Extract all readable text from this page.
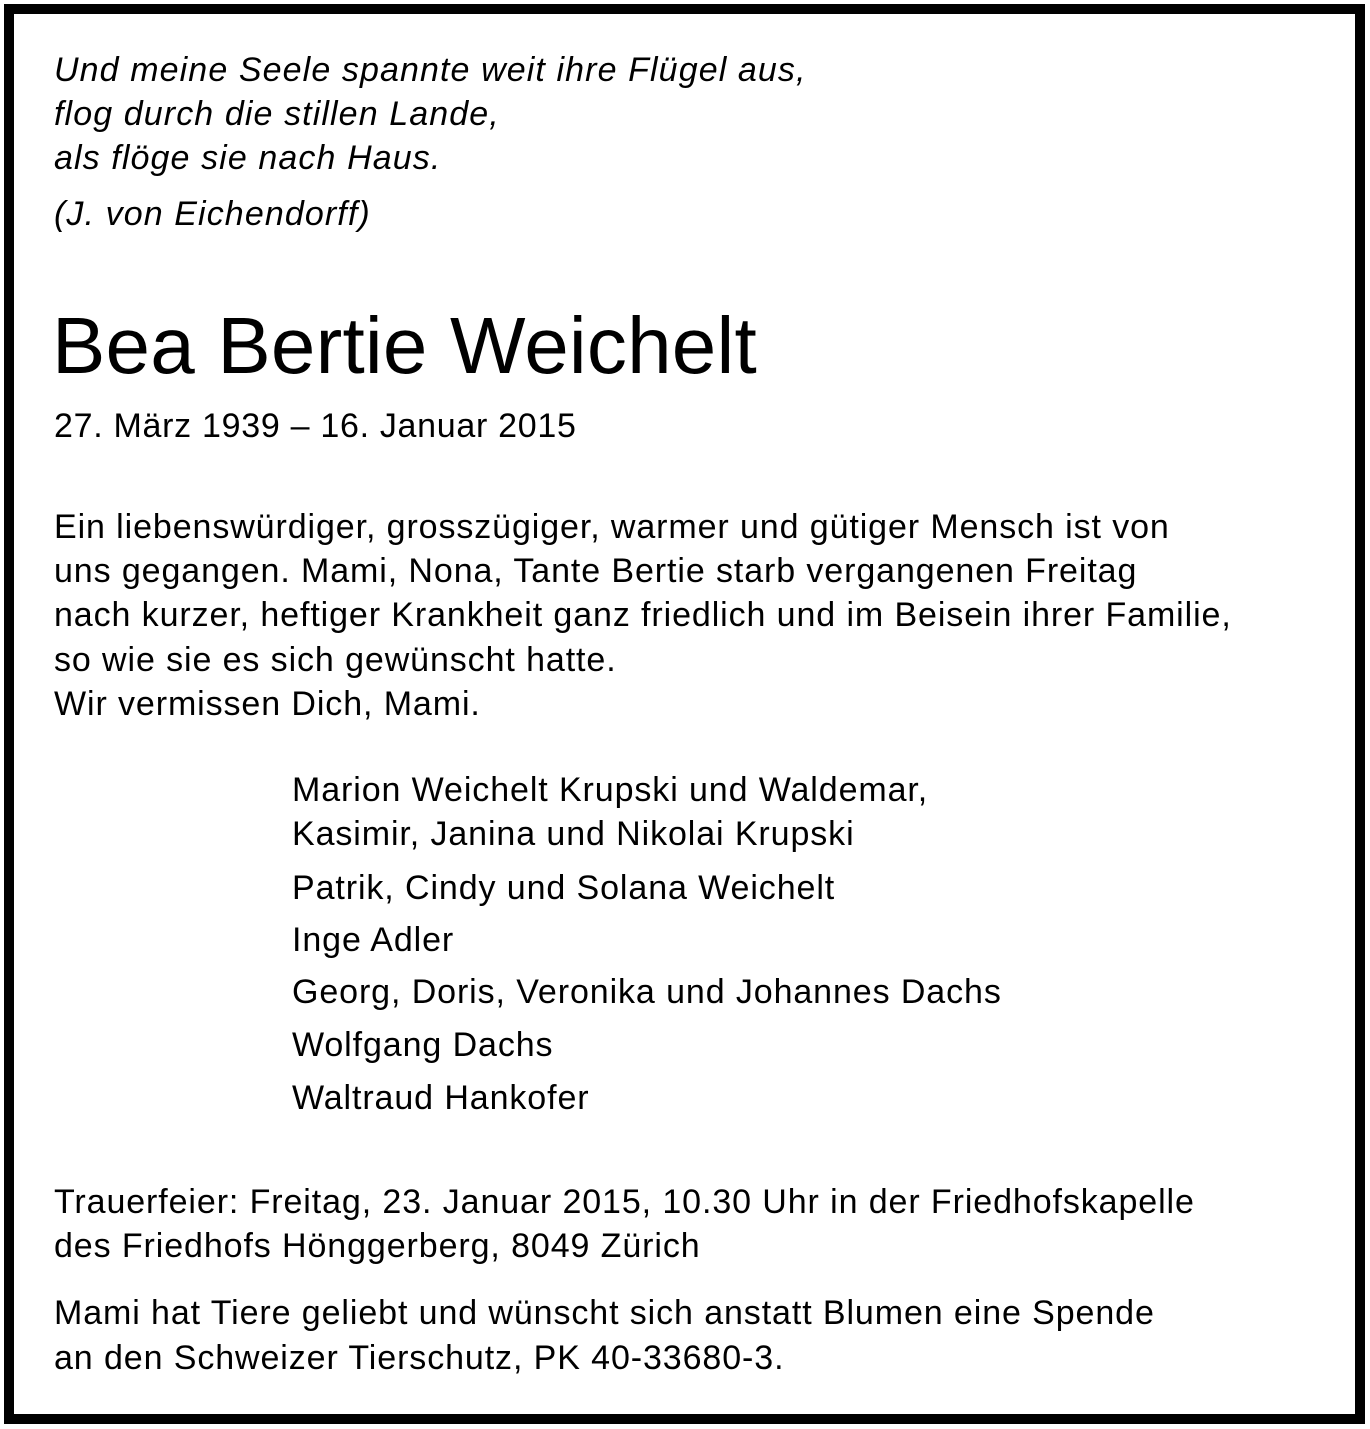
Und meine Seele spannte weit ihre Flügel aus,

flog durch die stillen Lande,

als flöge sie nach Haus.

(J. von Eichendorff)

Bea Bertie Weichelt

27. März 1939 – 16. Januar 2015

Ein liebenswürdiger, grosszügiger, warmer und gütiger Mensch ist von

uns gegangen. Mami, Nona, Tante Bertie starb vergangenen Freitag

nach kurzer, heftiger Krankheit ganz friedlich und im Beisein ihrer Familie,

so wie sie es sich gewünscht hatte.

Wir vermissen Dich, Mami.

Marion Weichelt Krupski und Waldemar,

Kasimir, Janina und Nikolai Krupski

Patrik, Cindy und Solana Weichelt

Inge Adler

Georg, Doris, Veronika und Johannes Dachs

Wolfgang Dachs

Waltraud Hankofer

Trauerfeier: Freitag, 23. Januar 2015, 10.30 Uhr in der Friedhofskapelle

des Friedhofs Hönggerberg, 8049 Zürich

Mami hat Tiere geliebt und wünscht sich anstatt Blumen eine Spende

an den Schweizer Tierschutz, PK 40-33680-3.
